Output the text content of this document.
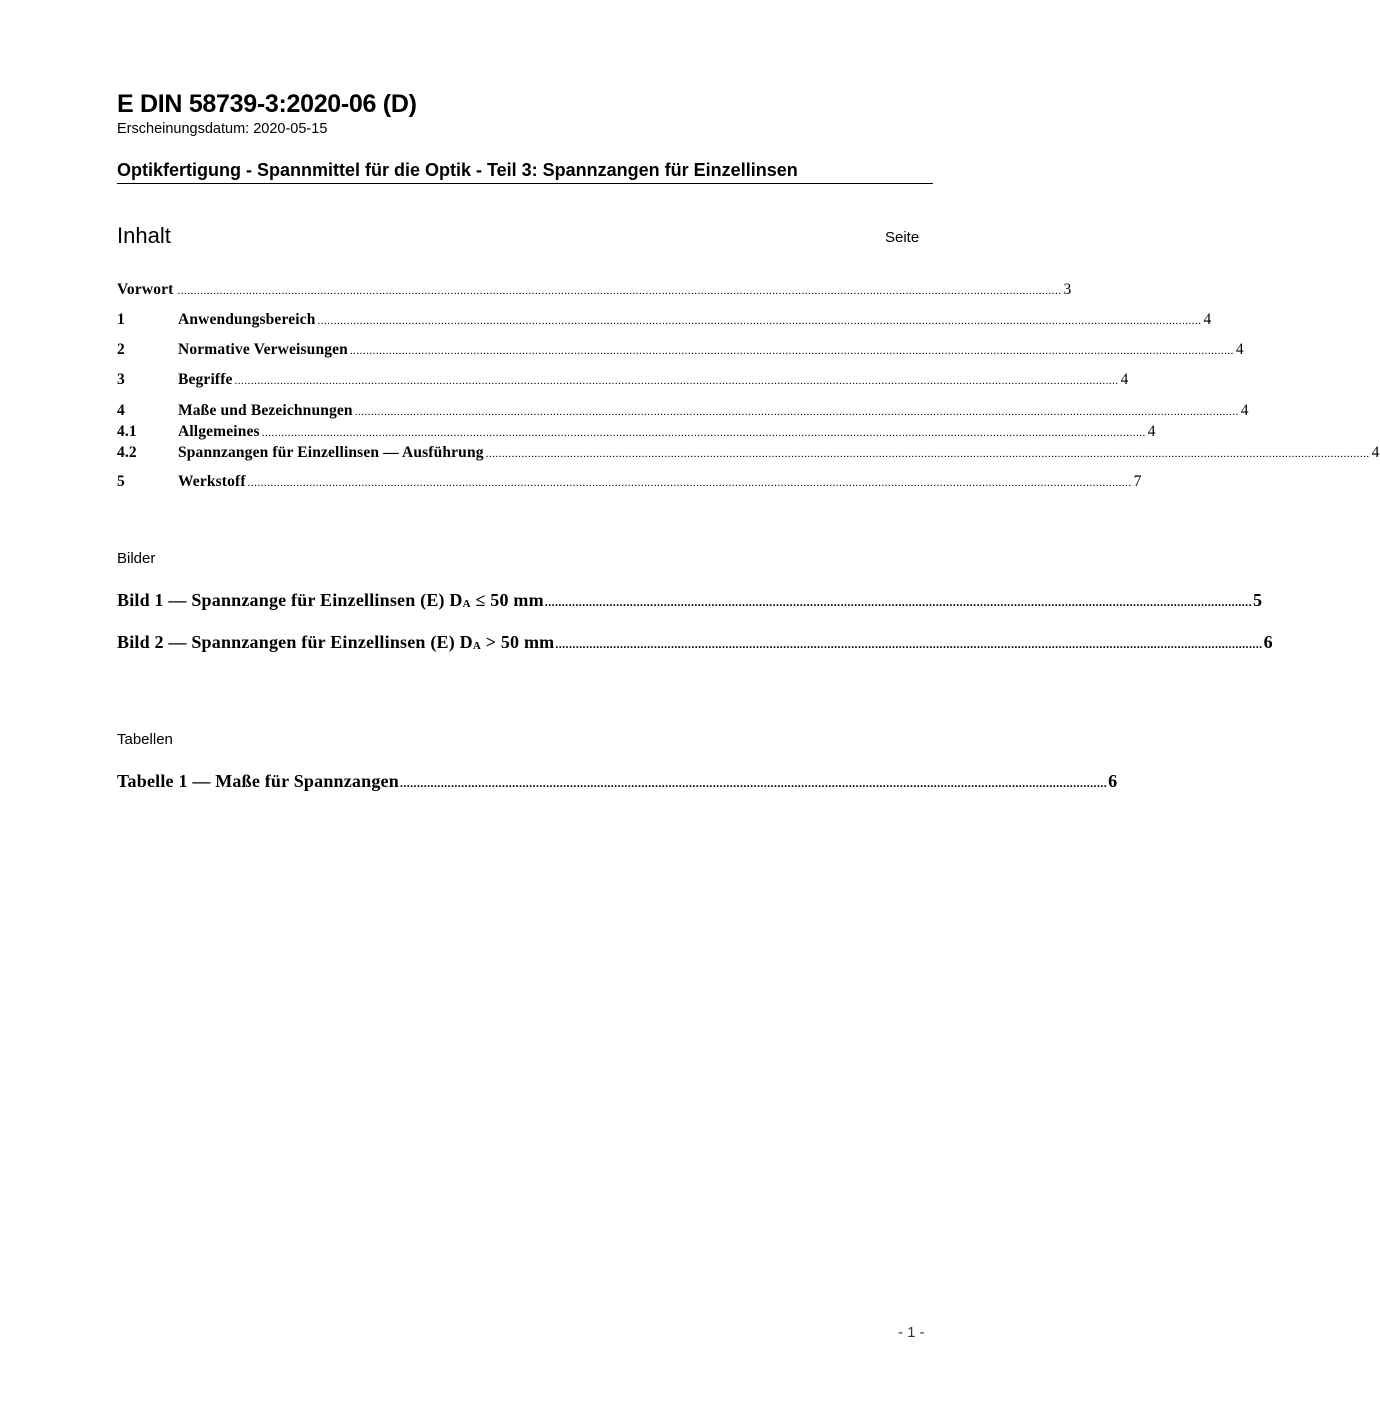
E DIN 58739-3:2020-06 (D)
Erscheinungsdatum: 2020-05-15
Optikfertigung - Spannmittel für die Optik - Teil 3: Spannzangen für Einzellinsen
Inhalt	Seite
Vorwort ................................................................................................................................................................................................................................................................................ 3
1	Anwendungsbereich ................................................................................................................................................................................................................................................................................ 4
2	Normative Verweisungen ................................................................................................................................................................................................................................................................................ 4
3	Begriffe ................................................................................................................................................................................................................................................................................ 4
4	Maße und Bezeichnungen ................................................................................................................................................................................................................................................................................ 4
4.1	Allgemeines ................................................................................................................................................................................................................................................................................ 4
4.2	Spannzangen für Einzellinsen — Ausführung ................................................................................................................................................................................................................................................................................ 4
5	Werkstoff ................................................................................................................................................................................................................................................................................ 7
Bilder
Bild 1 — Spannzange für Einzellinsen (E) $D_A \le 50$ mm ................................................................................................................................................................................................................ 5
Bild 2 — Spannzangen für Einzellinsen (E) $D_A > 50$ mm ................................................................................................................................................................................................................ 6
Tabellen
Tabelle 1 — Maße für Spannzangen ................................................................................................................................................................................................................ 6
- 1 -
